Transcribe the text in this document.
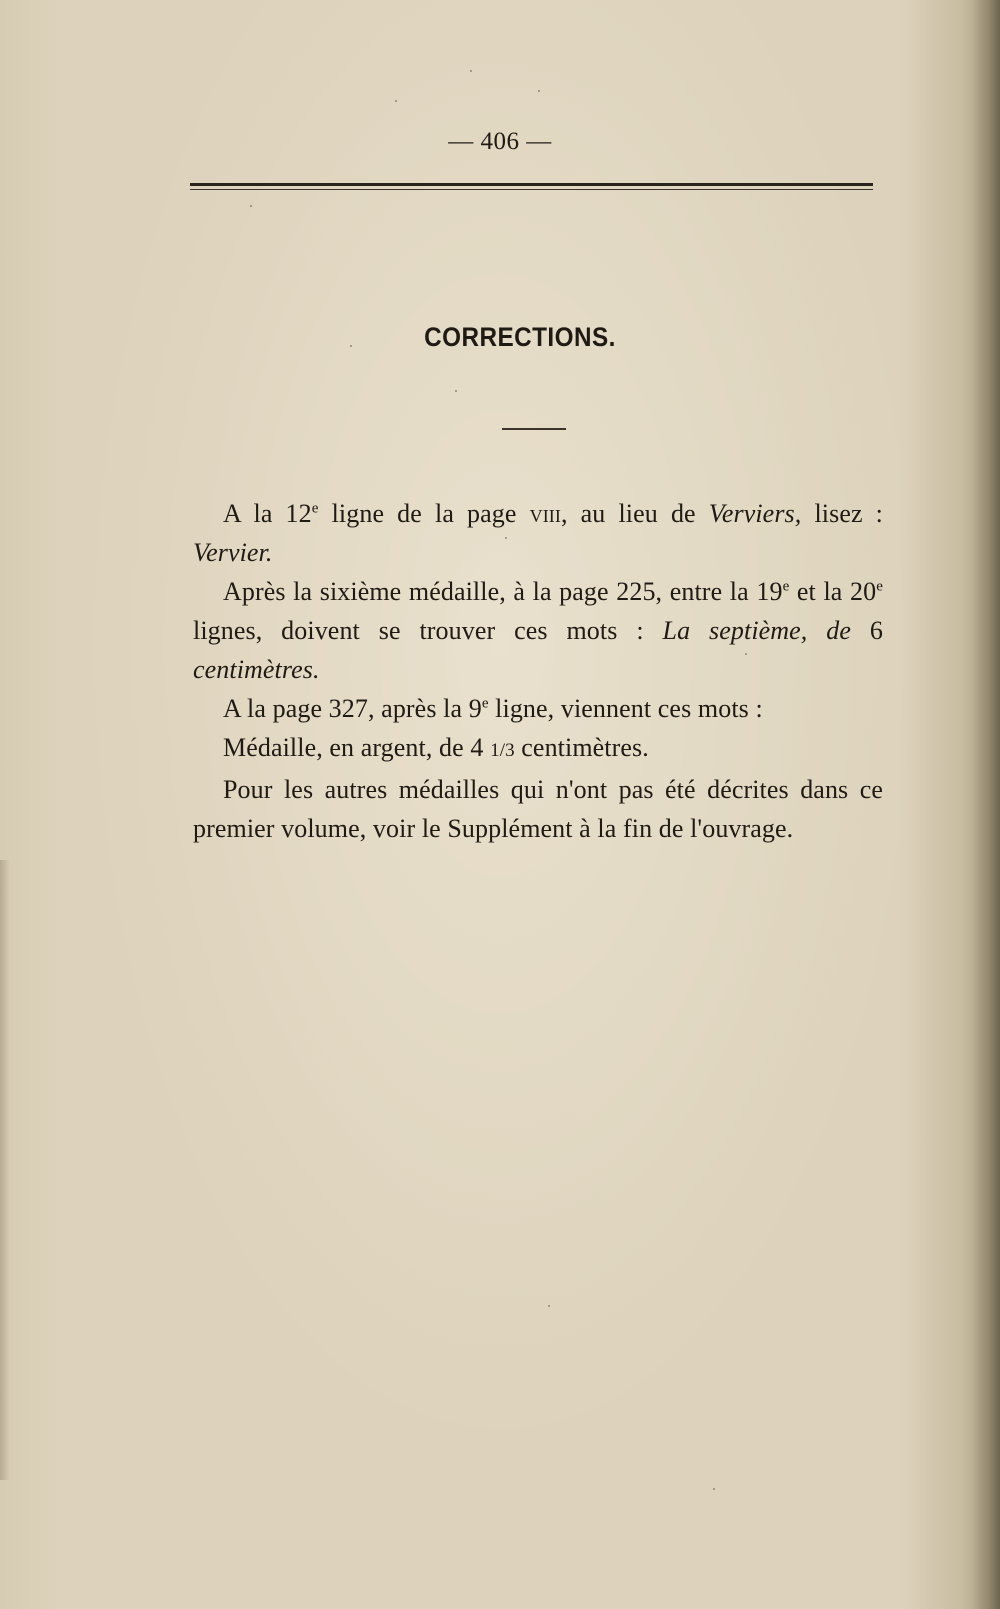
— 406 —
CORRECTIONS.

A la 12e ligne de la page viii, au lieu de Verviers, lisez : Vervier.

Après la sixième médaille, à la page 225, entre la 19e et la 20e lignes, doivent se trouver ces mots : La septième, de 6 centimètres.

A la page 327, après la 9e ligne, viennent ces mots :

Médaille, en argent, de 4 1/3 centimètres.

Pour les autres médailles qui n'ont pas été décrites dans ce premier volume, voir le Supplément à la fin de l'ouvrage.
